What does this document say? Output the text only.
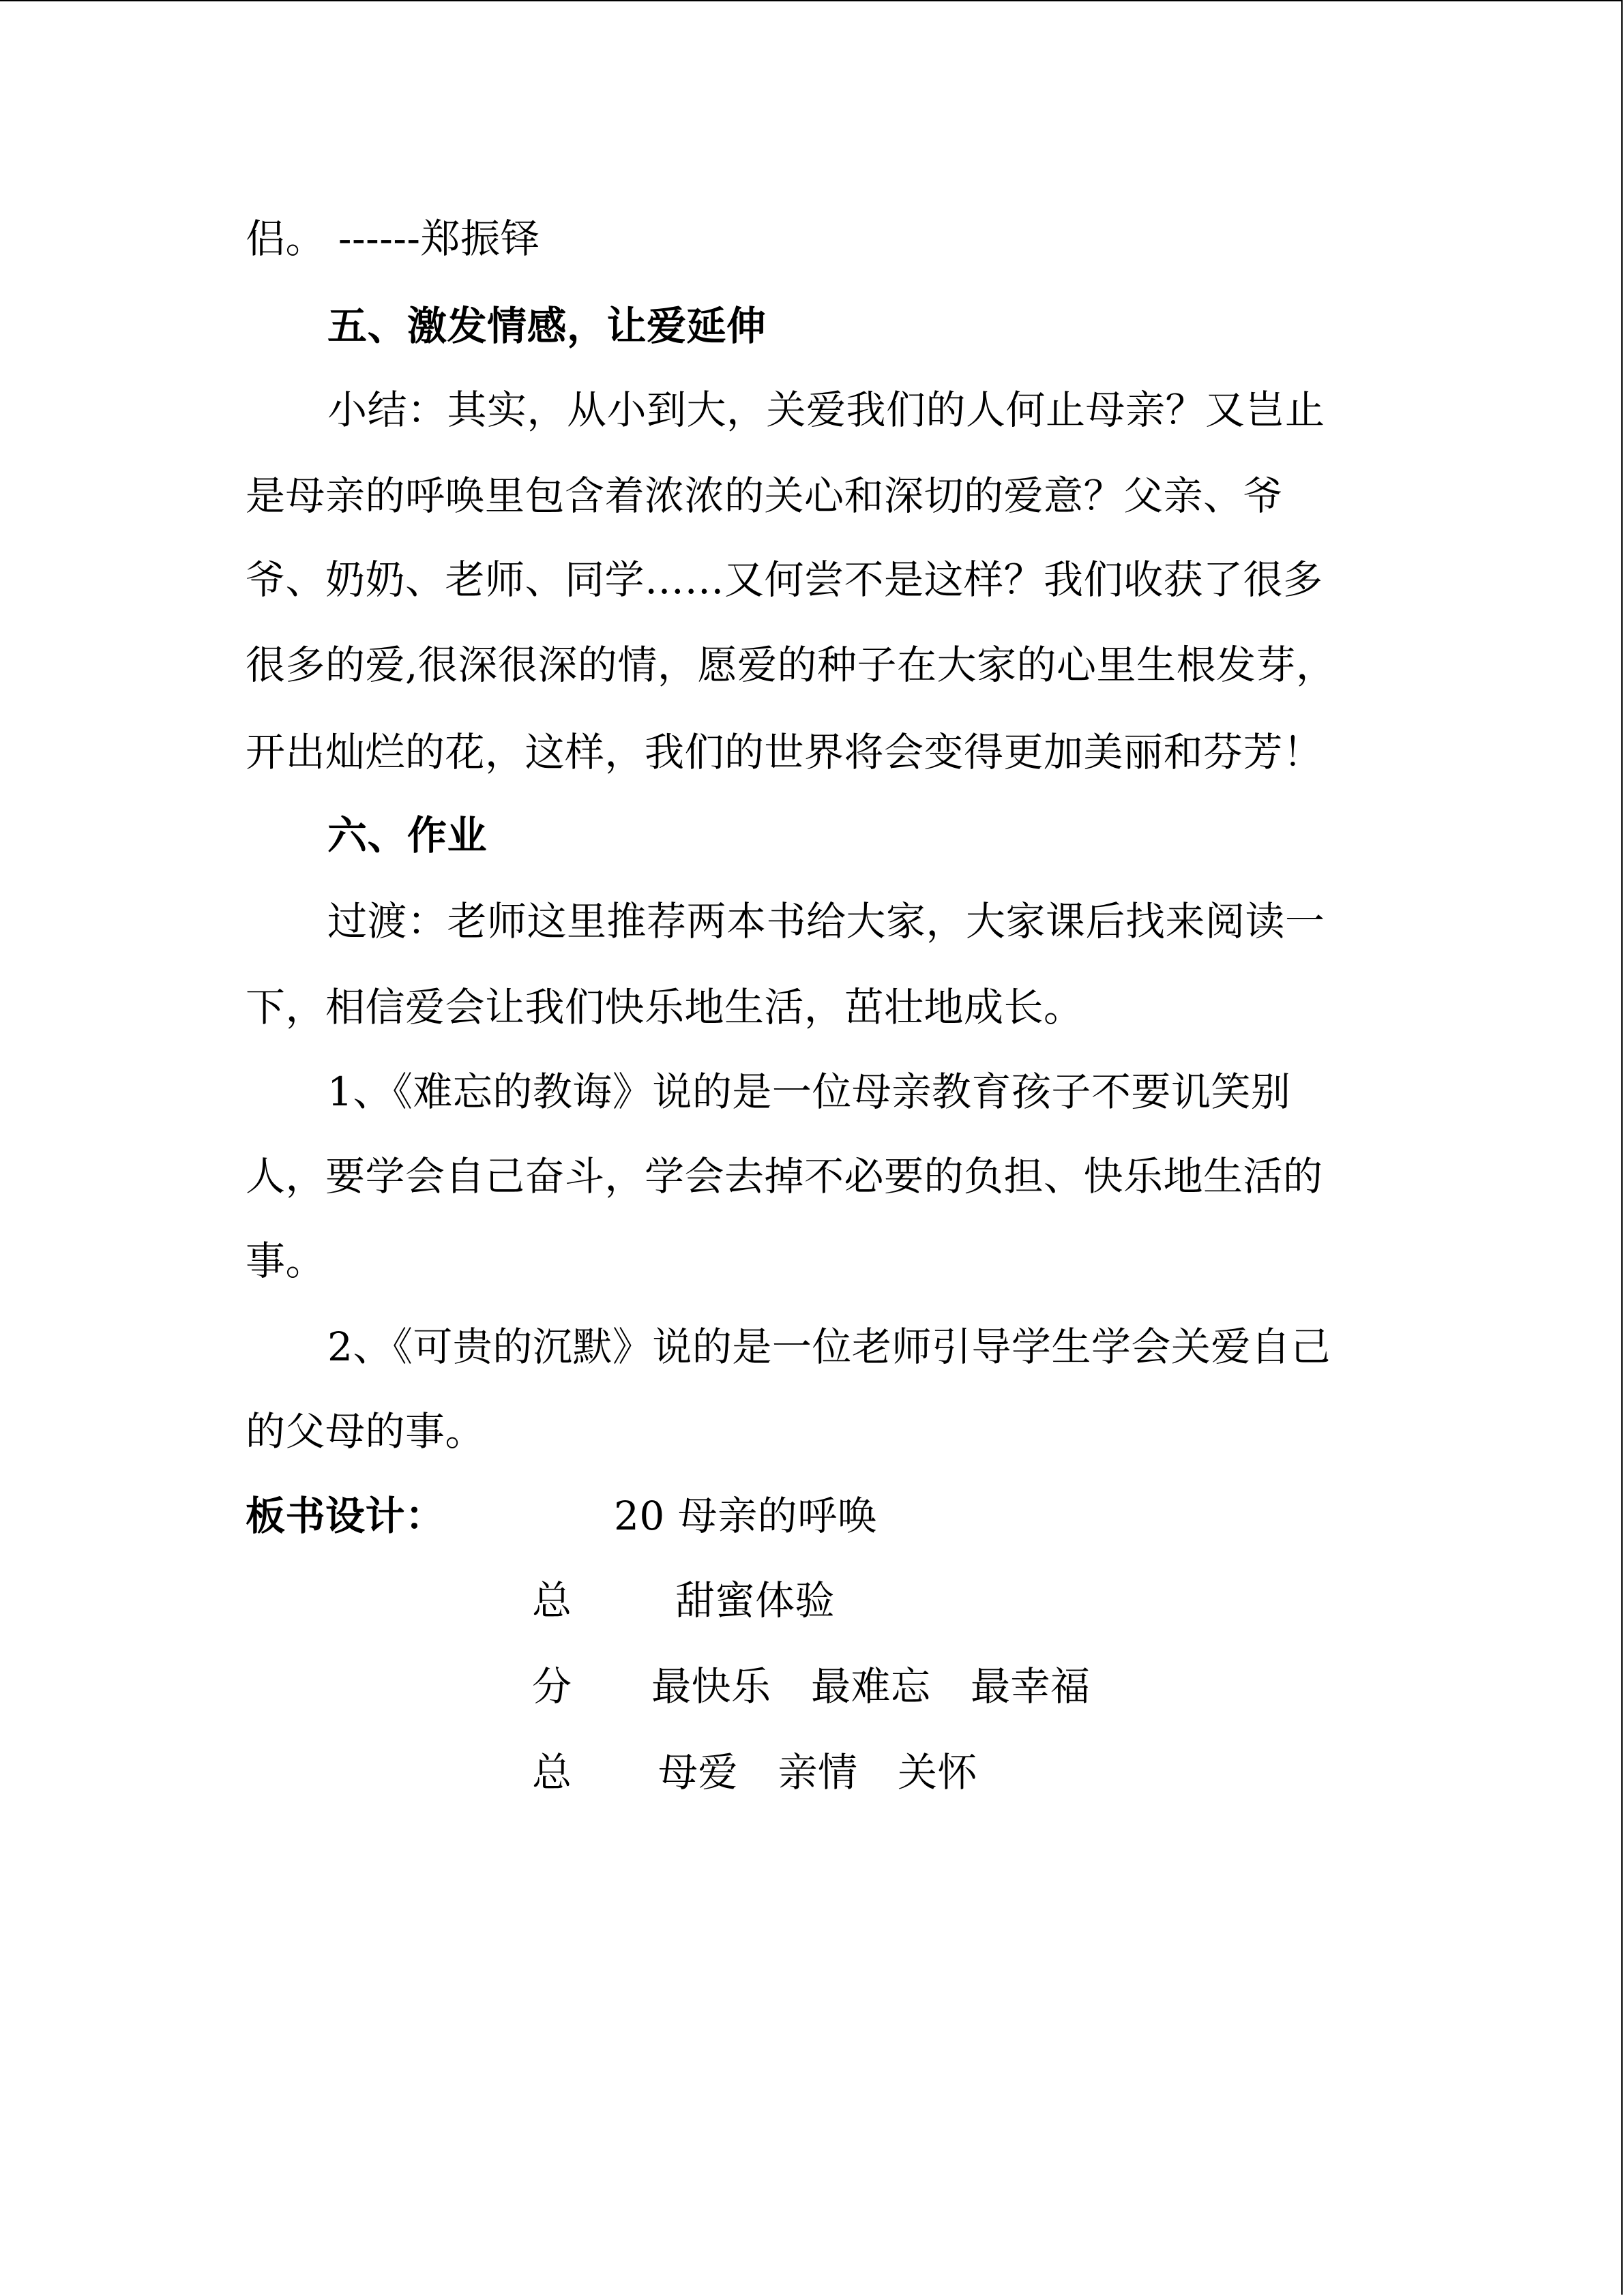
侣。 ------郑振铎
五、激发情感，让爱延伸
小结：其实，从小到大，关爱我们的人何止母亲？又岂止
是母亲的呼唤里包含着浓浓的关心和深切的爱意？父亲、爷
爷、奶奶、老师、同学……又何尝不是这样？我们收获了很多
很多的爱,很深很深的情，愿爱的种子在大家的心里生根发芽，
开出灿烂的花，这样，我们的世界将会变得更加美丽和芬芳！
六、作业
过渡：老师这里推荐两本书给大家，大家课后找来阅读一
下，相信爱会让我们快乐地生活，茁壮地成长。
1、《难忘的教诲》说的是一位母亲教育孩子不要讥笑别
人，要学会自己奋斗，学会去掉不必要的负担、快乐地生活的
事。
2、《可贵的沉默》说的是一位老师引导学生学会关爱自己
的父母的事。
板书设计：	20 母亲的呼唤
总	甜蜜体验
分 最快乐　最难忘　最幸福
总 母爱　亲情　关怀
